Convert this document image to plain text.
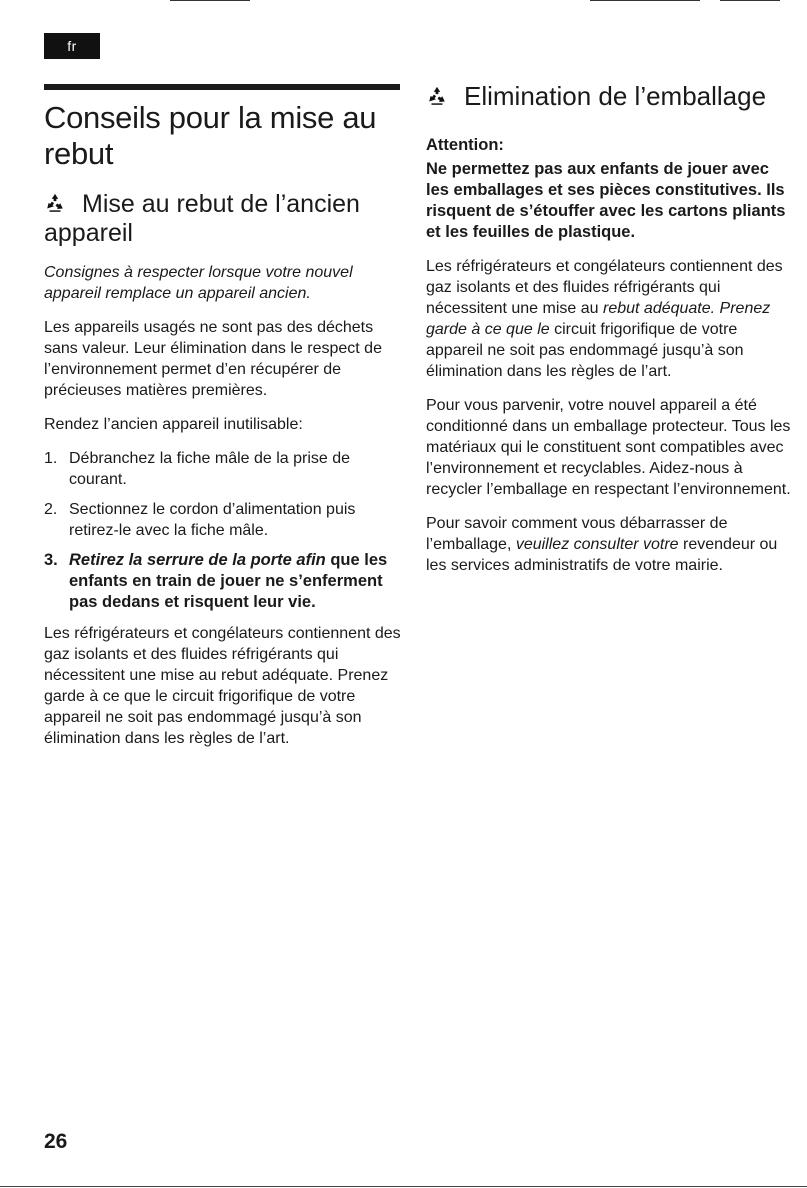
fr
Conseils pour la mise au rebut
Mise au rebut de l’ancien appareil

Consignes à respecter lorsque votre nouvel appareil remplace un appareil ancien.

Les appareils usagés ne sont pas des déchets sans valeur. Leur élimination dans le respect de l’environnement permet d’en récupérer de précieuses matières premières.

Rendez l’ancien appareil inutilisable:

1. Débranchez la fiche mâle de la prise de courant.
2. Sectionnez le cordon d’alimentation puis retirez-le avec la fiche mâle.
3. Retirez la serrure de la porte afin que les enfants en train de jouer ne s’enferment pas dedans et risquent leur vie.

Les réfrigérateurs et congélateurs contiennent des gaz isolants et des fluides réfrigérants qui nécessitent une mise au rebut adéquate. Prenez garde à ce que le circuit frigorifique de votre appareil ne soit pas endommagé jusqu’à son élimination dans les règles de l’art.

Elimination de l’emballage
Attention:
Ne permettez pas aux enfants de jouer avec les emballages et ses pièces constitutives. Ils risquent de s’étouffer avec les cartons pliants et les feuilles de plastique.

Les réfrigérateurs et congélateurs contiennent des gaz isolants et des fluides réfrigérants qui nécessitent une mise au rebut adéquate. Prenez garde à ce que le circuit frigorifique de votre appareil ne soit pas endommagé jusqu’à son élimination dans les règles de l’art.

Pour vous parvenir, votre nouvel appareil a été conditionné dans un emballage protecteur. Tous les matériaux qui le constituent sont compatibles avec l’environnement et recyclables. Aidez-nous à recycler l’emballage en respectant l’environnement.

Pour savoir comment vous débarrasser de l’emballage, veuillez consulter votre revendeur ou les services administratifs de votre mairie.

26
